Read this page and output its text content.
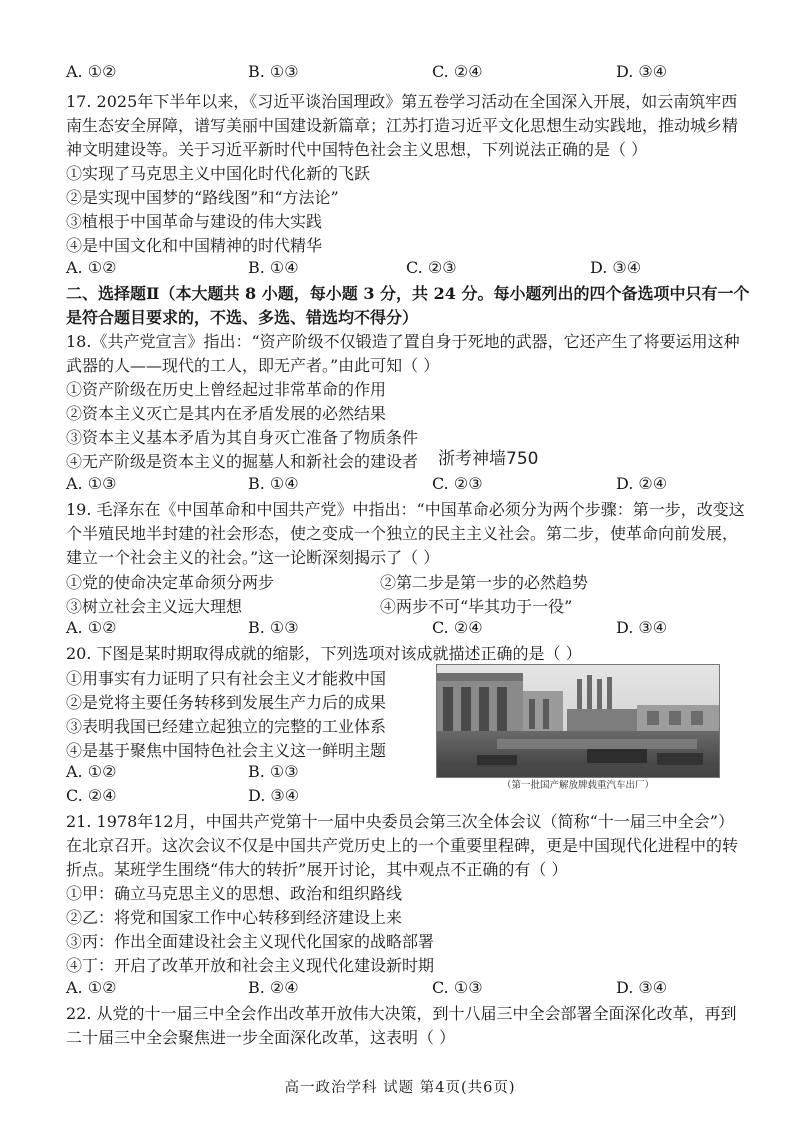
A. ①②	B. ①③	C. ②④	D. ③④
17. 2025年下半年以来，《习近平谈治国理政》第五卷学习活动在全国深入开展，如云南筑牢西
南生态安全屏障，谱写美丽中国建设新篇章；江苏打造习近平文化思想生动实践地，推动城乡精
神文明建设等。关于习近平新时代中国特色社会主义思想，下列说法正确的是（ ）
①实现了马克思主义中国化时代化新的飞跃
②是实现中国梦的“路线图”和“方法论”
③植根于中国革命与建设的伟大实践
④是中国文化和中国精神的时代精华
A. ①②	B. ①④	C. ②③	D. ③④
二、选择题Ⅱ（本大题共 8 小题，每小题 3 分，共 24 分。每小题列出的四个备选项中只有一个
是符合题目要求的，不选、多选、错选均不得分）
18.《共产党宣言》指出：“资产阶级不仅锻造了置自身于死地的武器，它还产生了将要运用这种
武器的人——现代的工人，即无产者。”由此可知（ ）
①资产阶级在历史上曾经起过非常革命的作用
②资本主义灭亡是其内在矛盾发展的必然结果
③资本主义基本矛盾为其自身灭亡准备了物质条件
④无产阶级是资本主义的掘墓人和新社会的建设者	浙考神墙750
A. ①③	B. ①④	C. ②③	D. ②④
19. 毛泽东在《中国革命和中国共产党》中指出：“中国革命必须分为两个步骤：第一步，改变这
个半殖民地半封建的社会形态，使之变成一个独立的民主主义社会。第二步，使革命向前发展，
建立一个社会主义的社会。”这一论断深刻揭示了（ ）
①党的使命决定革命须分两步	②第二步是第一步的必然趋势
③树立社会主义远大理想	④两步不可“毕其功于一役”
A. ①②	B. ①③	C. ②④	D. ③④
20. 下图是某时期取得成就的缩影，下列选项对该成就描述正确的是（ ）
①用事实有力证明了只有社会主义才能救中国
②是党将主要任务转移到发展生产力后的成果
③表明我国已经建立起独立的完整的工业体系
④是基于聚焦中国特色社会主义这一鲜明主题
A. ①②	B. ①③
C. ②④	D. ③④
（第一批国产解放牌载重汽车出厂）
21. 1978年12月，中国共产党第十一届中央委员会第三次全体会议（简称“十一届三中全会”）
在北京召开。这次会议不仅是中国共产党历史上的一个重要里程碑，更是中国现代化进程中的转
折点。某班学生围绕“伟大的转折”展开讨论，其中观点不正确的有（ ）
①甲：确立马克思主义的思想、政治和组织路线
②乙：将党和国家工作中心转移到经济建设上来
③丙：作出全面建设社会主义现代化国家的战略部署
④丁：开启了改革开放和社会主义现代化建设新时期
A. ①②	B. ②④	C. ①③	D. ③④
高一政治学科 试题 第4页(共6页)
22. 从党的十一届三中全会作出改革开放伟大决策，到十八届三中全会部署全面深化改革，再到
二十届三中全会聚焦进一步全面深化改革，这表明（ ）
